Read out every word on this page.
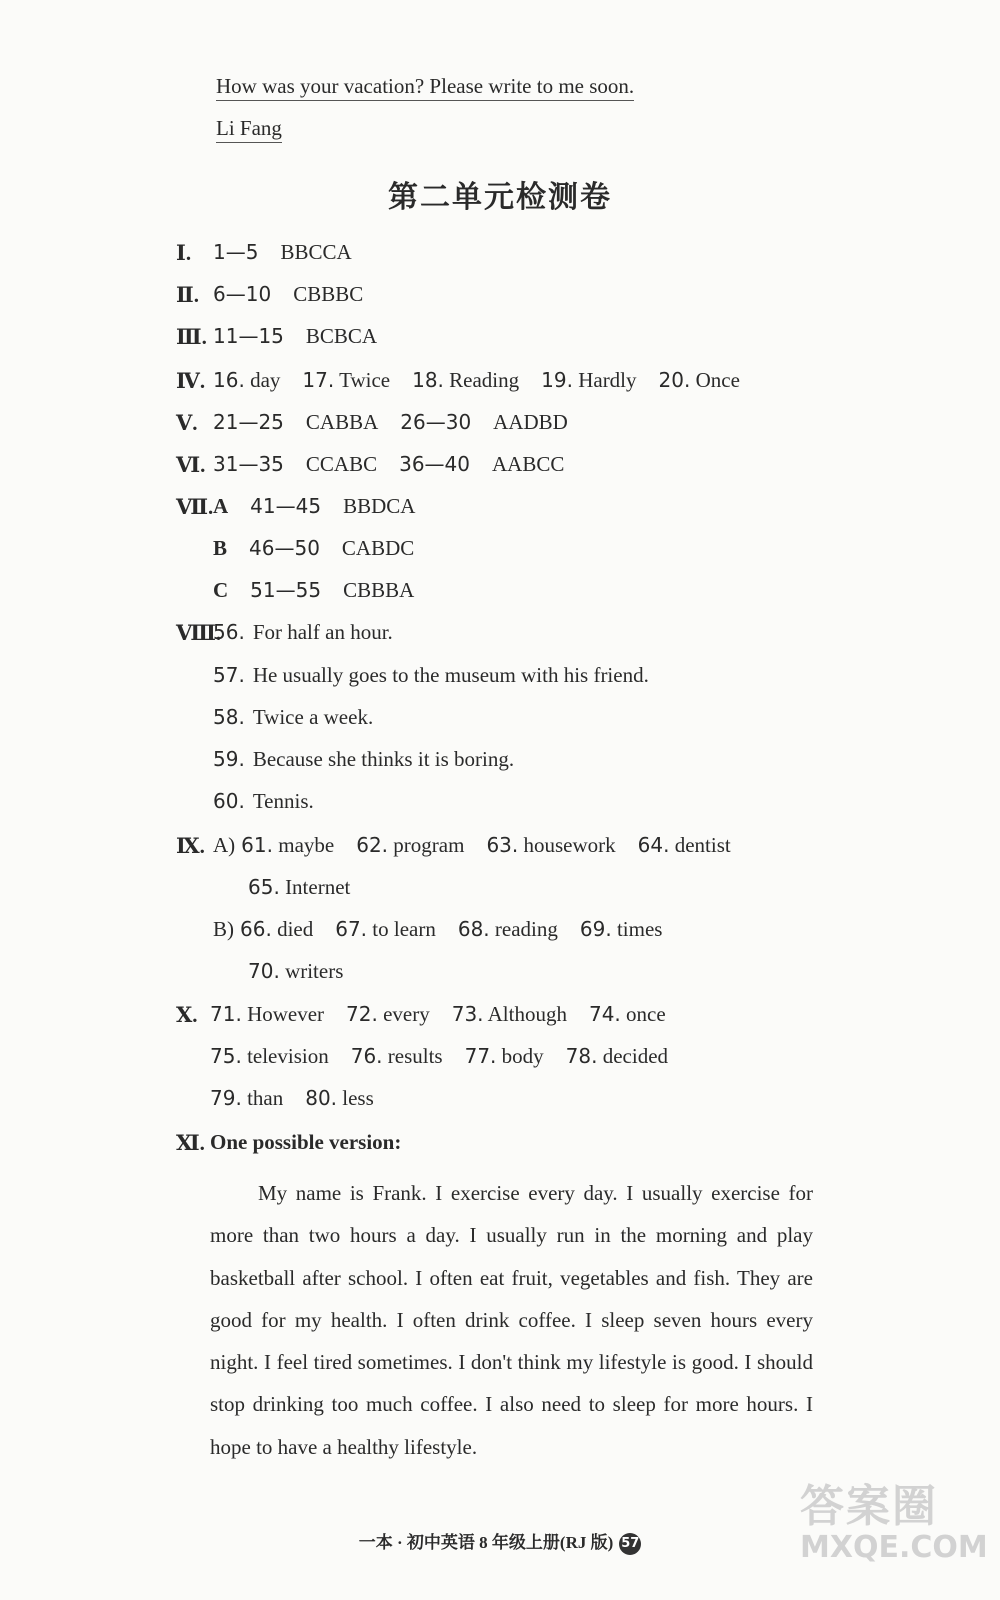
How was your vacation? Please write to me soon.
Li Fang
第二单元检测卷
Ⅰ. 1—5 BBCCA
Ⅱ. 6—10 CBBBC
Ⅲ. 11—15 BCBCA
Ⅳ. 16. day 17. Twice 18. Reading 19. Hardly 20. Once
Ⅴ. 21—25 CABBA 26—30 AADBD
Ⅵ. 31—35 CCABC 36—40 AABCC
Ⅶ. A 41—45 BBDCA
B 46—50 CABDC
C 51—55 CBBBA
Ⅷ.
56. For half an hour.
57. He usually goes to the museum with his friend.
58. Twice a week.
59. Because she thinks it is boring.
60. Tennis.
Ⅸ. A) 61. maybe 62. program 63. housework 64. dentist
65. Internet
B) 66. died 67. to learn 68. reading 69. times
70. writers
Ⅹ. 71. However 72. every 73. Although 74. once
75. television 76. results 77. body 78. decided
79. than 80. less
Ⅺ. One possible version:
My name is Frank. I exercise every day. I usually exercise for more than two hours a day. I usually run in the morning and play basketball after school. I often eat fruit, vegetables and fish. They are good for my health. I often drink coffee. I sleep seven hours every night. I feel tired sometimes. I don't think my lifestyle is good. I should stop drinking too much coffee. I also need to sleep for more hours. I hope to have a healthy lifestyle.
一本 · 初中英语 8 年级上册(RJ 版) 57
答案圈
MXQE.COM
